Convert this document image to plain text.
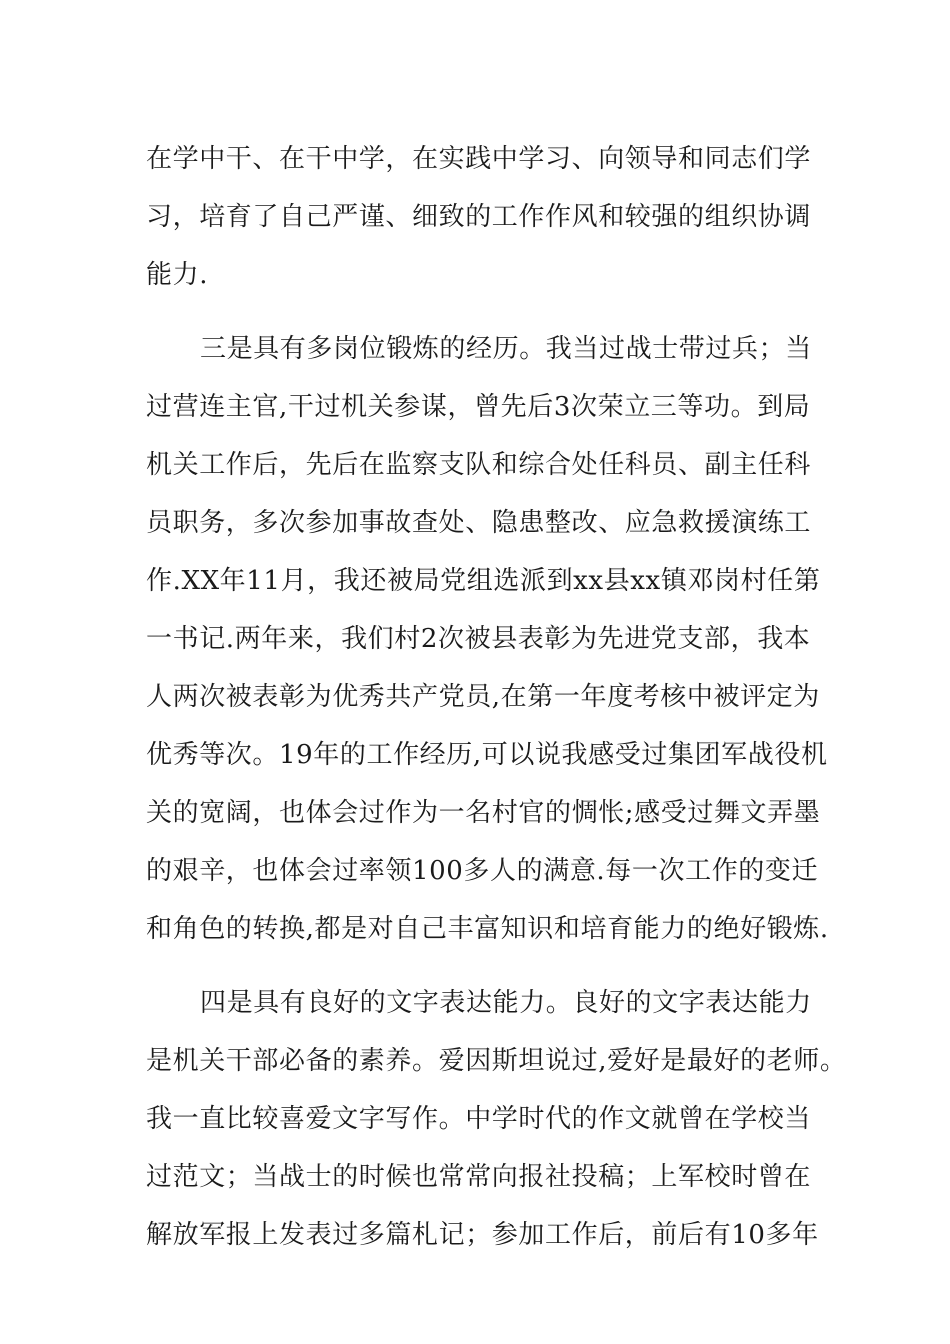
在学中干、在干中学，在实践中学习、向领导和同志们学
习，培育了自己严谨、细致的工作作风和较强的组织协调
能力.
三是具有多岗位锻炼的经历。我当过战士带过兵；当
过营连主官,干过机关参谋，曾先后3次荣立三等功。到局
机关工作后，先后在监察支队和综合处任科员、副主任科
员职务，多次参加事故查处、隐患整改、应急救援演练工
作.XX年11月，我还被局党组选派到xx县xx镇邓岗村任第
一书记.两年来，我们村2次被县表彰为先进党支部，我本
人两次被表彰为优秀共产党员,在第一年度考核中被评定为
优秀等次。19年的工作经历,可以说我感受过集团军战役机
关的宽阔，也体会过作为一名村官的惆怅;感受过舞文弄墨
的艰辛，也体会过率领100多人的满意.每一次工作的变迁
和角色的转换,都是对自己丰富知识和培育能力的绝好锻炼.
四是具有良好的文字表达能力。良好的文字表达能力
是机关干部必备的素养。爱因斯坦说过,爱好是最好的老师。
我一直比较喜爱文字写作。中学时代的作文就曾在学校当
过范文；当战士的时候也常常向报社投稿；上军校时曾在
解放军报上发表过多篇札记；参加工作后，前后有10多年
